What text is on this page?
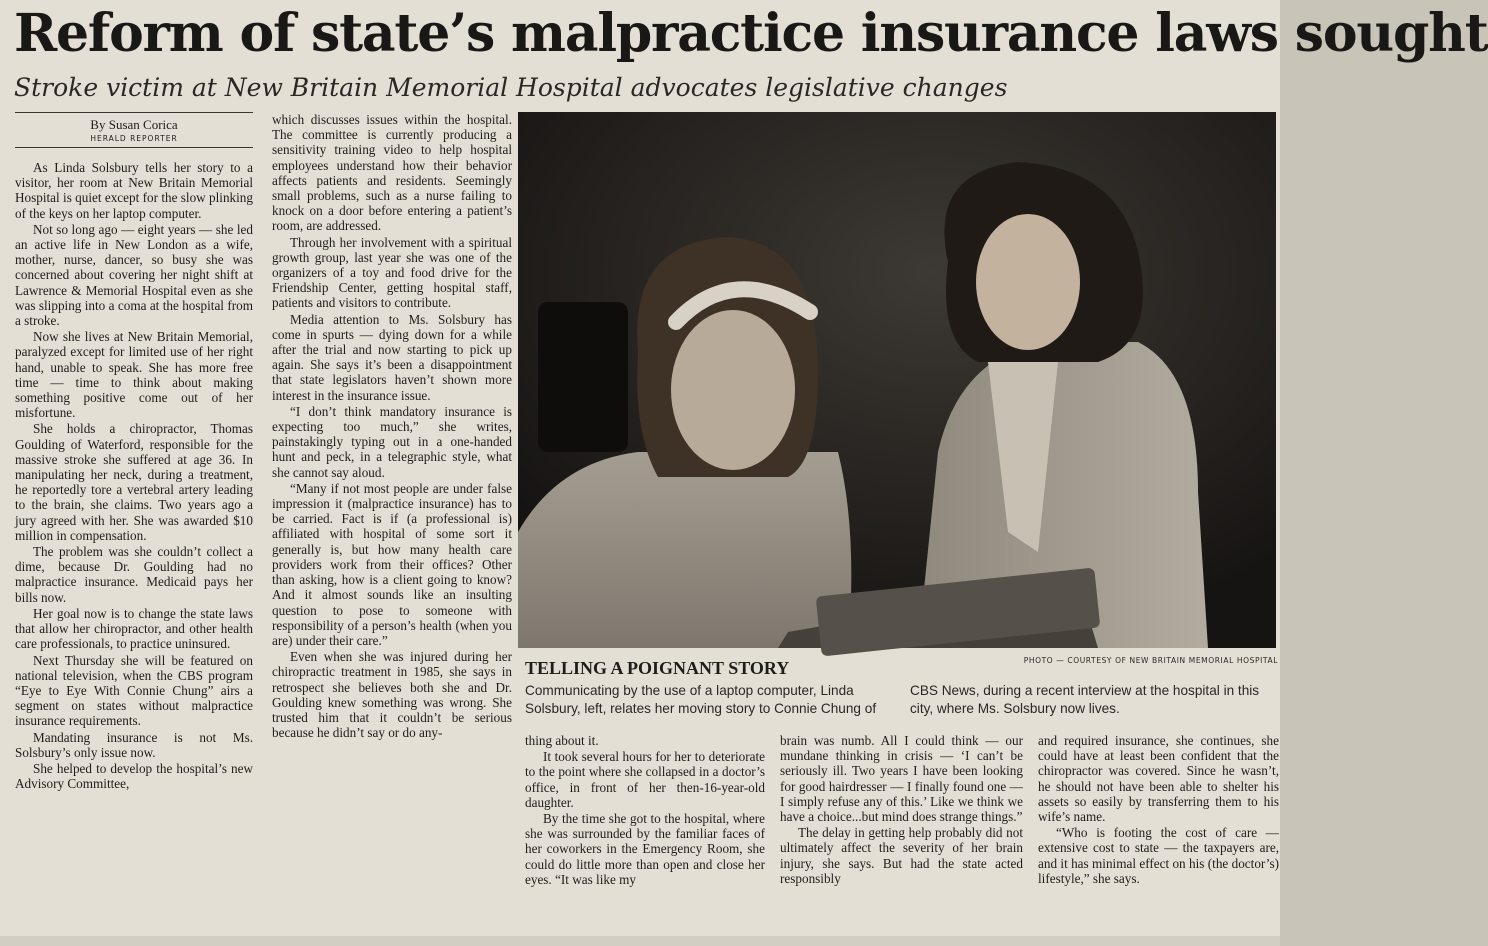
Reform of state’s malpractice insurance laws sought
Stroke victim at New Britain Memorial Hospital advocates legislative changes
By Susan Corica
HERALD REPORTER

As Linda Solsbury tells her story to a visitor, her room at New Britain Memorial Hospital is quiet except for the slow plinking of the keys on her laptop computer.

Not so long ago — eight years — she led an active life in New London as a wife, mother, nurse, dancer, so busy she was concerned about covering her night shift at Lawrence & Memorial Hospital even as she was slipping into a coma at the hospital from a stroke.

Now she lives at New Britain Memorial, paralyzed except for limited use of her right hand, unable to speak. She has more free time — time to think about making something positive come out of her misfortune.

She holds a chiropractor, Thomas Goulding of Waterford, responsible for the massive stroke she suffered at age 36. In manipulating her neck, during a treatment, he reportedly tore a vertebral artery leading to the brain, she claims. Two years ago a jury agreed with her. She was awarded $10 million in compensation.

The problem was she couldn’t collect a dime, because Dr. Goulding had no malpractice insurance. Medicaid pays her bills now.

Her goal now is to change the state laws that allow her chiropractor, and other health care professionals, to practice uninsured.

Next Thursday she will be featured on national television, when the CBS program “Eye to Eye With Connie Chung” airs a segment on states without malpractice insurance requirements.

Mandating insurance is not Ms. Solsbury’s only issue now.

She helped to develop the hospital’s new Advisory Committee,

which discusses issues within the hospital. The committee is currently producing a sensitivity training video to help hospital employees understand how their behavior affects patients and residents. Seemingly small problems, such as a nurse failing to knock on a door before entering a patient’s room, are addressed.

Through her involvement with a spiritual growth group, last year she was one of the organizers of a toy and food drive for the Friendship Center, getting hospital staff, patients and visitors to contribute.

Media attention to Ms. Solsbury has come in spurts — dying down for a while after the trial and now starting to pick up again. She says it’s been a disappointment that state legislators haven’t shown more interest in the insurance issue.

“I don’t think mandatory insurance is expecting too much,” she writes, painstakingly typing out in a one-handed hunt and peck, in a telegraphic style, what she cannot say aloud.

“Many if not most people are under false impression it (malpractice insurance) has to be carried. Fact is if (a professional is) affiliated with hospital of some sort it generally is, but how many health care providers work from their offices? Other than asking, how is a client going to know? And it almost sounds like an insulting question to pose to someone with responsibility of a person’s health (when you are) under their care.”

Even when she was injured during her chiropractic treatment in 1985, she says in retrospect she believes both she and Dr. Goulding knew something was wrong. She trusted him that it couldn’t be serious because he didn’t say or do any-

PHOTO — COURTESY OF NEW BRITAIN MEMORIAL HOSPITAL
TELLING A POIGNANT STORY
Communicating by the use of a laptop computer, Linda Solsbury, left, relates her moving story to Connie Chung of CBS News, during a recent interview at the hospital in this city, where Ms. Solsbury now lives.

thing about it.

It took several hours for her to deteriorate to the point where she collapsed in a doctor’s office, in front of her then-16-year-old daughter.

By the time she got to the hospital, where she was surrounded by the familiar faces of her coworkers in the Emergency Room, she could do little more than open and close her eyes. “It was like my

brain was numb. All I could think — our mundane thinking in crisis — ‘I can’t be seriously ill. Two years I have been looking for good hairdresser — I finally found one — I simply refuse any of this.’ Like we think we have a choice...but mind does strange things.”

The delay in getting help probably did not ultimately affect the severity of her brain injury, she says. But had the state acted responsibly

and required insurance, she continues, she could have at least been confident that the chiropractor was covered. Since he wasn’t, he should not have been able to shelter his assets so easily by transferring them to his wife’s name.

“Who is footing the cost of care — extensive cost to state — the taxpayers are, and it has minimal effect on his (the doctor’s) lifestyle,” she says.
